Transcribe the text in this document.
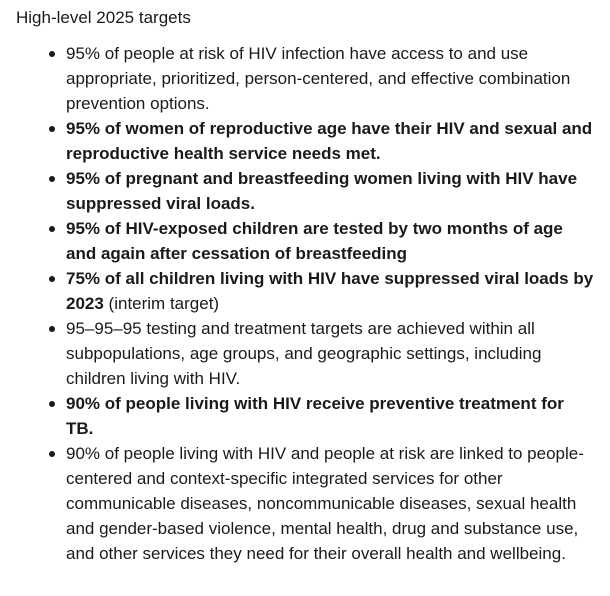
High-level 2025 targets

95% of people at risk of HIV infection have access to and use appropriate, prioritized, person-centered, and effective combination prevention options.
95% of women of reproductive age have their HIV and sexual and reproductive health service needs met.
95% of pregnant and breastfeeding women living with HIV have suppressed viral loads.
95% of HIV-exposed children are tested by two months of age and again after cessation of breastfeeding
75% of all children living with HIV have suppressed viral loads by 2023 (interim target)
95–95–95 testing and treatment targets are achieved within all subpopulations, age groups, and geographic settings, including children living with HIV.
90% of people living with HIV receive preventive treatment for TB.
90% of people living with HIV and people at risk are linked to people-centered and context-specific integrated services for other communicable diseases, noncommunicable diseases, sexual health and gender-based violence, mental health, drug and substance use, and other services they need for their overall health and wellbeing.
